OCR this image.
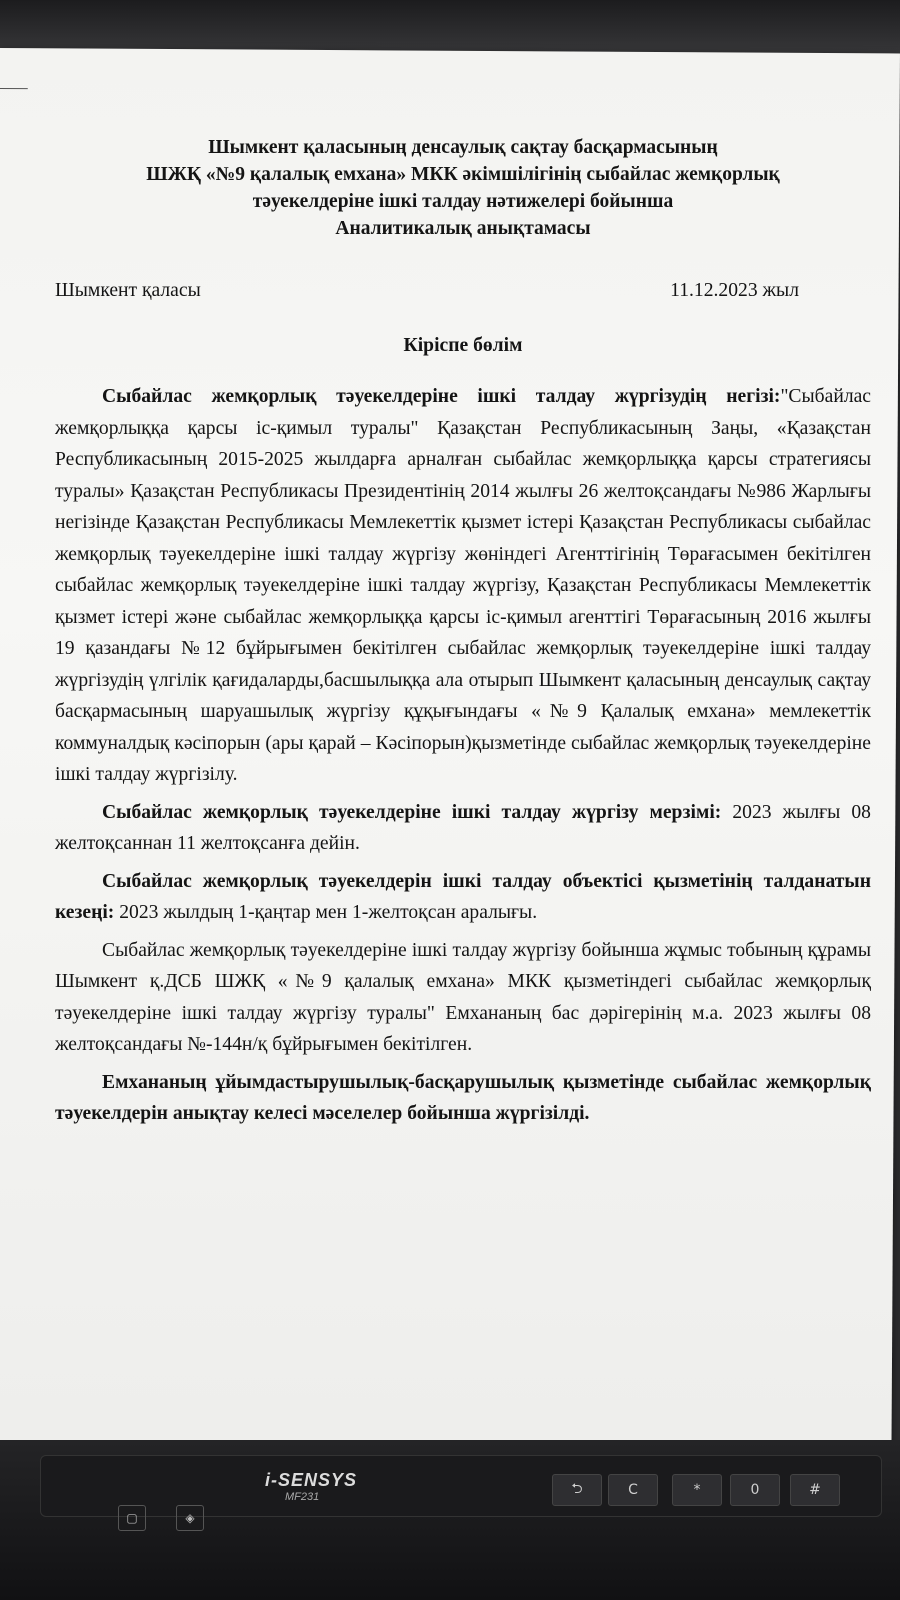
Шымкент қаласының денсаулық сақтау басқармасының
ШЖҚ «№9 қалалық емхана» МКК әкімшілігінің сыбайлас жемқорлық
тәуекелдеріне ішкі талдау нәтижелері бойынша
Аналитикалық анықтамасы
Шымкент қаласы	11.12.2023 жыл
Кіріспе бөлім

Сыбайлас жемқорлық тәуекелдеріне ішкі талдау жүргізудің негізі:"Сыбайлас жемқорлыққа қарсы іс-қимыл туралы" Қазақстан Республикасының Заңы, «Қазақстан Республикасының 2015-2025 жылдарға арналған сыбайлас жемқорлыққа қарсы стратегиясы туралы» Қазақстан Республикасы Президентінің 2014 жылғы 26 желтоқсандағы №986 Жарлығы негізінде Қазақстан Республикасы Мемлекеттік қызмет істері Қазақстан Республикасы сыбайлас жемқорлық тәуекелдеріне ішкі талдау жүргізу жөніндегі Агенттігінің Төрағасымен бекітілген сыбайлас жемқорлық тәуекелдеріне ішкі талдау жүргізу, Қазақстан Республикасы Мемлекеттік қызмет істері және сыбайлас жемқорлыққа қарсы іс-қимыл агенттігі Төрағасының 2016 жылғы 19 қазандағы №12 бұйрығымен бекітілген сыбайлас жемқорлық тәуекелдеріне ішкі талдау жүргізудің үлгілік қағидаларды,басшылыққа ала отырып Шымкент қаласының денсаулық сақтау басқармасының шаруашылық жүргізу құқығындағы «№9 Қалалық емхана» мемлекеттік коммуналдық кәсіпорын (ары қарай – Кәсіпорын)қызметінде сыбайлас жемқорлық тәуекелдеріне ішкі талдау жүргізілу.

Сыбайлас жемқорлық тәуекелдеріне ішкі талдау жүргізу мерзімі: 2023 жылғы 08 желтоқсаннан 11 желтоқсанға дейін.

Сыбайлас жемқорлық тәуекелдерін ішкі талдау объектісі қызметінің талданатын кезеңі: 2023 жылдың 1-қаңтар мен 1-желтоқсан аралығы.

Сыбайлас жемқорлық тәуекелдеріне ішкі талдау жүргізу бойынша жұмыс тобының құрамы Шымкент қ.ДСБ ШЖҚ «№9 қалалық емхана» МКК қызметіндегі сыбайлас жемқорлық тәуекелдеріне ішкі талдау жүргізу туралы" Емхананың бас дәрігерінің м.а. 2023 жылғы 08 желтоқсандағы №-144н/қ бұйрығымен бекітілген.

Емхананың ұйымдастырушылық-басқарушылық қызметінде сыбайлас жемқорлық тәуекелдерін анықтау келесі мәселелер бойынша жүргізілді.

i-SENSYS
MF231
▢	◈
⮌	C	*	0	#
